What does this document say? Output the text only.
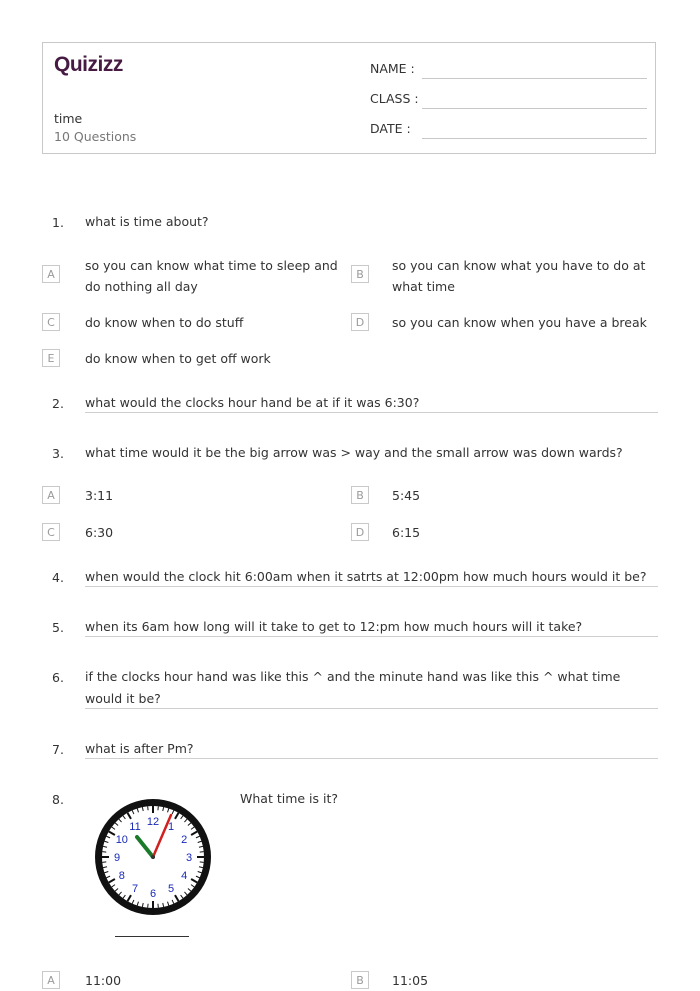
Quizizz
time
10 Questions
NAME :
CLASS :
DATE :
1. what is time about?
A
so you can know what time to sleep and do nothing all day
B
so you can know what you have to do at what time
C	do know when to do stuff	D	so you can know when you have a break
E	do know when to get off work
2. what would the clocks hour hand be at if it was 6:30?
3. what time would it be the big arrow was > way and the small arrow was down wards?
A	3:11	B	5:45
C	6:30	D	6:15
4. when would the clock hit 6:00am when it satrts at 12:00pm how much hours would it be?
5. when its 6am how long will it take to get to 12:pm how much hours will it take?
6. if the clocks hour hand was like this ^ and the minute hand was like this ^ what time would it be?
7. what is after Pm?
8.	What time is it?
12 1
2
3
4
5
6
7
8
9
10
11
A	11:00	B	11:05
